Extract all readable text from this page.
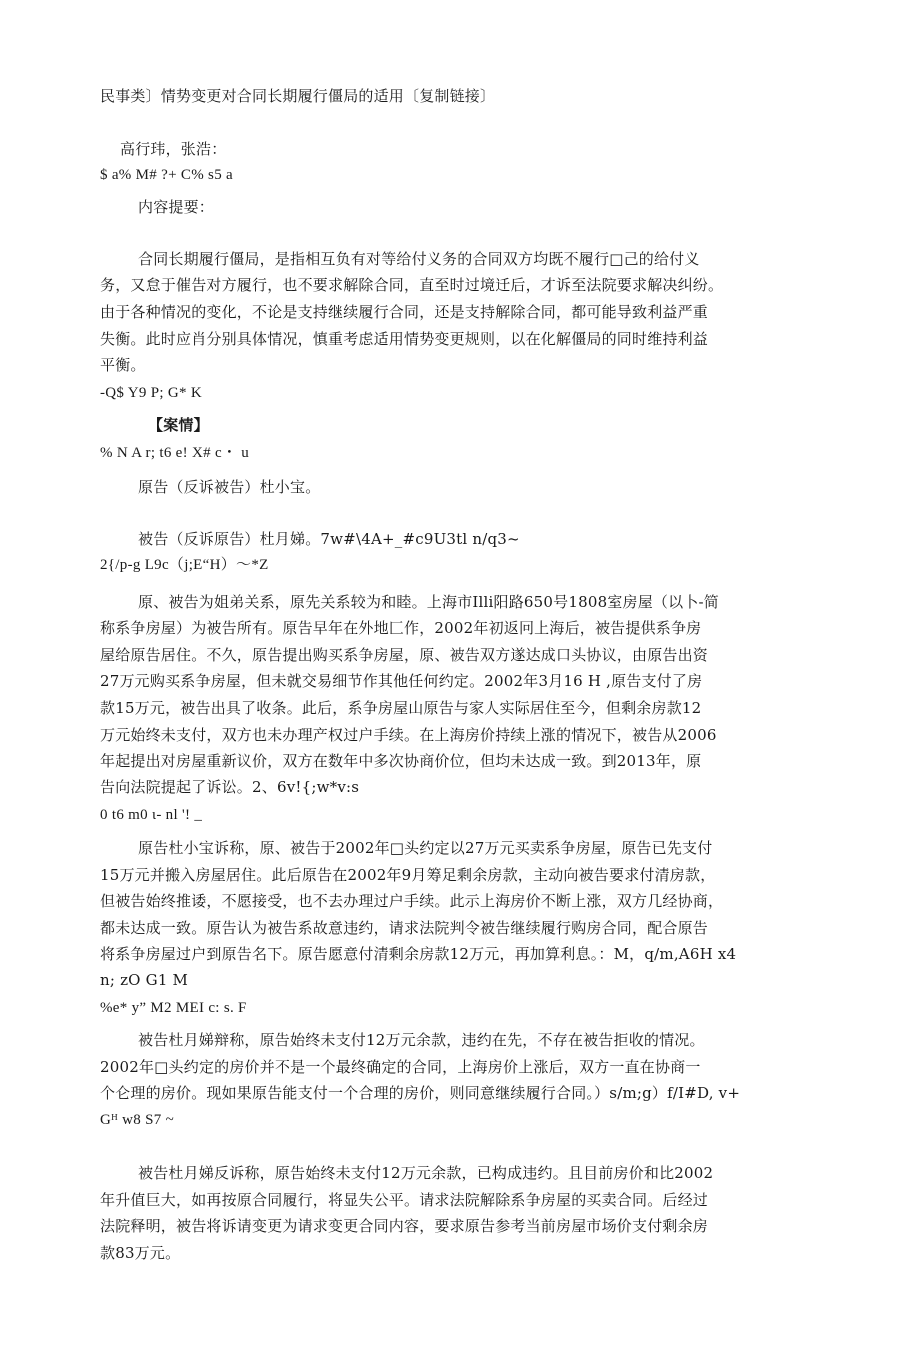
民事类〕情势变更对合同长期履行僵局的适用〔复制链接〕
高行玮，张浩：
$ a% M# ?+ C% s5 a
内容提要：
合同长期履行僵局，是指相互负有对等给付义务的合同双方均既不履行□己的给付义
务，又怠于催告对方履行，也不要求解除合同，直至时过境迁后，才诉至法院要求解决纠纷。
由于各种情况的变化，不论是支持继续履行合同，还是支持解除合同，都可能导致利益严重
失衡。此时应肖分别具体情况，慎重考虑适用情势变更规则，以在化解僵局的同时维持利益
平衡。
-Q$ Y9 P; G* K
【案情】
% N A r; t6 e! X# c・ u
原告（反诉被告）杜小宝。
被告（反诉原告）杜月娣。7w#\4A+_#c9U3tl n/q3~
2{/p-g L9c（j;E“H）～*Z
原、被告为姐弟关系，原先关系较为和睦。上海市Illi阳路650号1808室房屋（以卜-简
称系争房屋）为被告所有。原告早年在外地匚作，2002年初返冋上海后，被告提供系争房
屋给原告居住。不久，原告提出购买系争房屋，原、被告双方遂达成口头协议，由原告出资
27万元购买系争房屋，但未就交易细节作其他任何约定。2002年3月16 H ,原告支付了房
款15万元，被告出具了收条。此后，系争房屋山原告与家人实际居住至今，但剩余房款12
万元始终未支付，双方也未办理产权过户手续。在上海房价持续上涨的情况下，被告从2006
年起提出对房屋重新议价，双方在数年中多次协商价位，但均未达成一致。到2013年，原
告向法院提起了诉讼。2、6v!{;w*v:s
0 t6 m0 ɩ- nl '! _
原告杜小宝诉称，原、被告于2002年□头约定以27万元买卖系争房屋，原告已先支付
15万元并搬入房屋居住。此后原告在2002年9月筹足剩余房款，主动向被告要求付清房款，
但被告始终推诿，不愿接受，也不去办理过户手续。此示上海房价不断上涨，双方几经协商，
都未达成一致。原告认为被告系故意违约，请求法院判令被告继续履行购房合同，配合原告
将系争房屋过户到原告名下。原告愿意付清剩余房款12万元，再加算利息。：M，q/m,A6H x4
n; zO G1 M
%e* y” M2 MEI c: s. F
被告杜月娣辩称，原告始终未支付12万元余款，违约在先，不存在被告拒收的情况。
2002年□头约定的房价并不是一个最终确定的合同，上海房价上涨后，双方一直在协商一
个仑理的房价。现如果原告能支付一个合理的房价，则同意继续履行合同。）s/m;g）f/I#D, v+
Gᴴ w8 S7 ~
被告杜月娣反诉称，原告始终未支付12万元余款，已构成违约。且目前房价和比2002
年升值巨大，如再按原合同履行，将显失公平。请求法院解除系争房屋的买卖合同。后经过
法院释明，被告将诉请变更为请求变更合同内容，要求原告参考当前房屋市场价支付剩余房
款83万元。
